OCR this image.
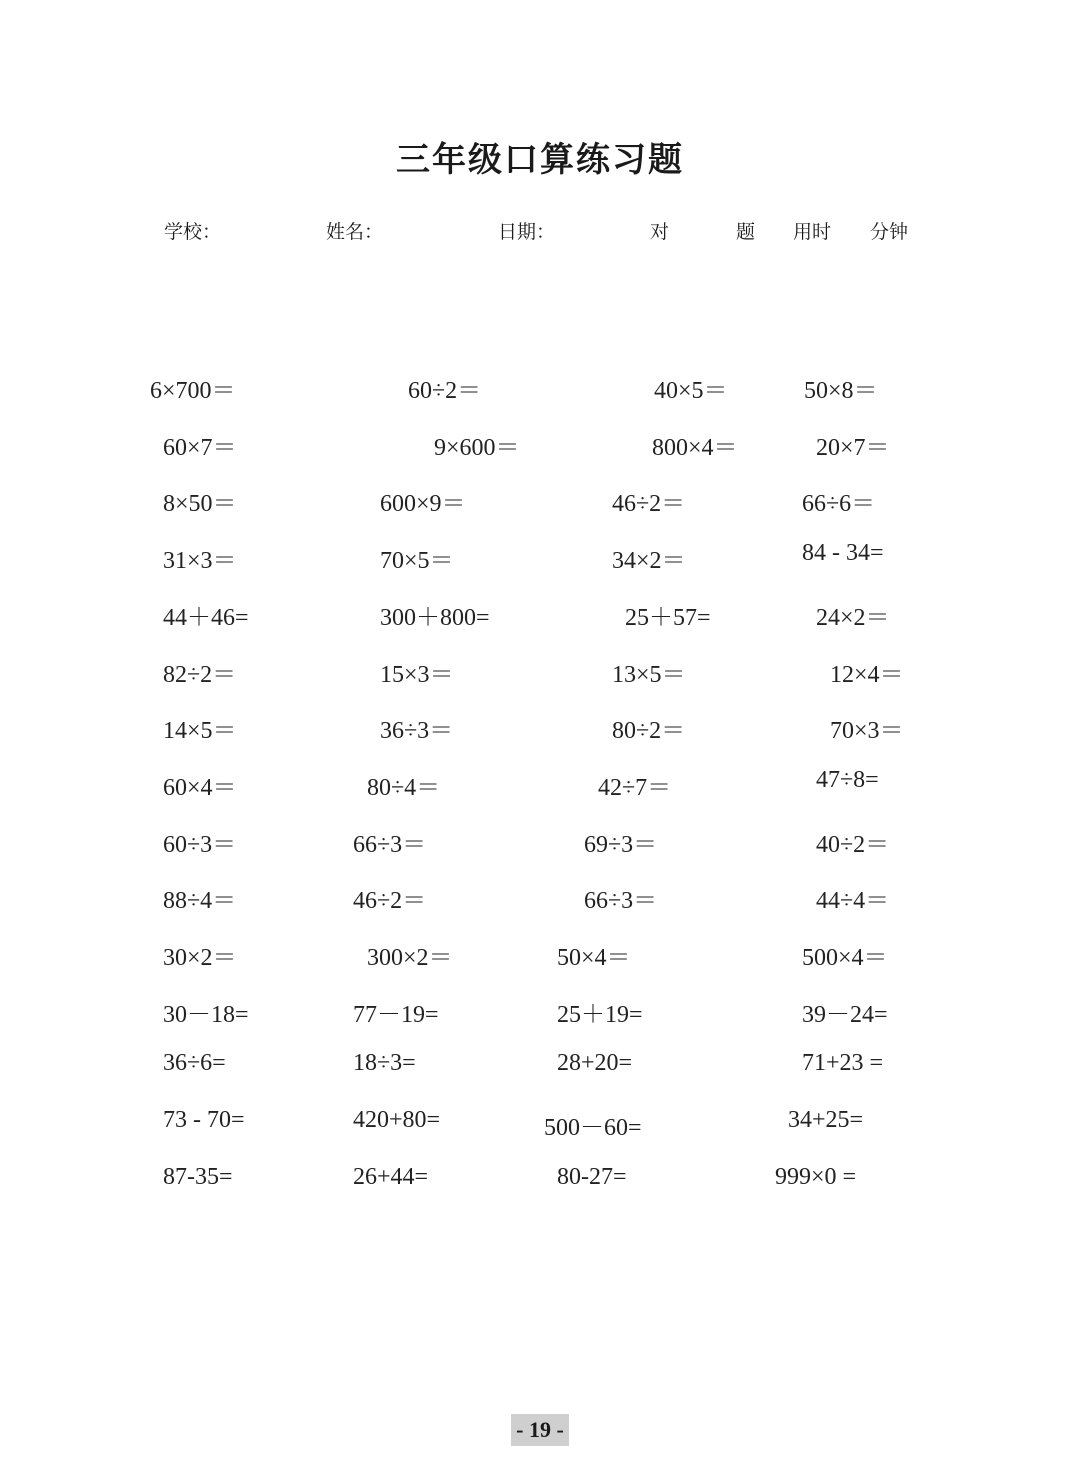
三年级口算练习题
学校：	姓名：	日期：	对	题 用时 分钟
6×700＝	60÷2＝	40×5＝	50×8＝
60×7＝	9×600＝	800×4＝	20×7＝
8×50＝	600×9＝	46÷2＝	66÷6＝
31×3＝	70×5＝	34×2＝	84 - 34=
44＋46=	300＋800=	25＋57=	24×2＝
82÷2＝	15×3＝	13×5＝	12×4＝
14×5＝	36÷3＝	80÷2＝	70×3＝
60×4＝	80÷4＝	42÷7＝	47÷8=
60÷3＝	66÷3＝	69÷3＝	40÷2＝
88÷4＝	46÷2＝	66÷3＝	44÷4＝
30×2＝	300×2＝	50×4＝	500×4＝
30－18=	77－19=	25＋19=	39－24=
36÷6=	18÷3=	28+20=	71+23 =
73 - 70=	420+80=	500－60=	34+25=
87-35=	26+44=	80-27=	999×0 =
- 19 -
